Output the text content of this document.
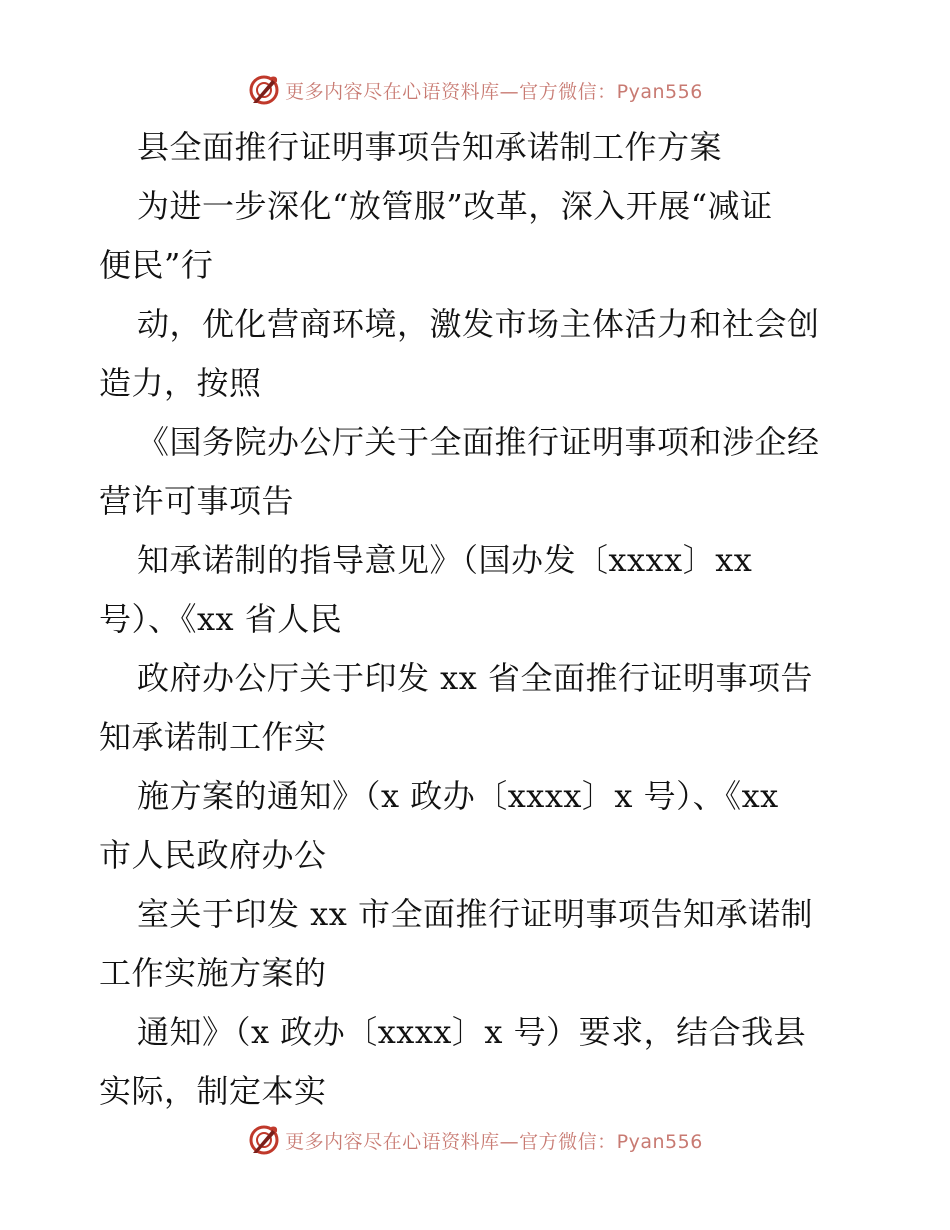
更多内容尽在心语资料库—官方微信：Pyan556
县全面推行证明事项告知承诺制工作方案
为进一步深化“放管服”改革，深入开展“减证
便民”行
动，优化营商环境，激发市场主体活力和社会创
造力，按照
《国务院办公厅关于全面推行证明事项和涉企经
营许可事项告
知承诺制的指导意见》（国办发〔xxxx〕xx
号）、《xx 省人民
政府办公厅关于印发 xx 省全面推行证明事项告
知承诺制工作实
施方案的通知》（x 政办〔xxxx〕x 号）、《xx
市人民政府办公
室关于印发 xx 市全面推行证明事项告知承诺制
工作实施方案的
通知》（x 政办〔xxxx〕x 号）要求，结合我县
实际，制定本实
更多内容尽在心语资料库—官方微信：Pyan556
